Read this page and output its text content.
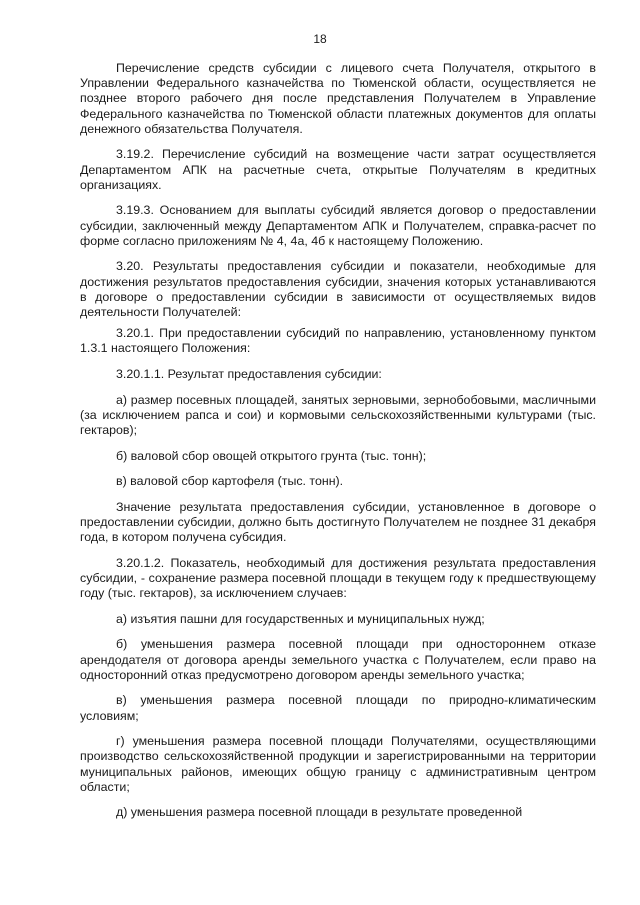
18

Перечисление средств субсидии с лицевого счета Получателя, открытого в Управлении Федерального казначейства по Тюменской области, осуществляется не позднее второго рабочего дня после представления Получателем в Управление Федерального казначейства по Тюменской области платежных документов для оплаты денежного обязательства Получателя.

3.19.2. Перечисление субсидий на возмещение части затрат осуществляется Департаментом АПК на расчетные счета, открытые Получателям в кредитных организациях.

3.19.3. Основанием для выплаты субсидий является договор о предоставлении субсидии, заключенный между Департаментом АПК и Получателем, справка-расчет по форме согласно приложениям № 4, 4а, 4б к настоящему Положению.

3.20. Результаты предоставления субсидии и показатели, необходимые для достижения результатов предоставления субсидии, значения которых устанавливаются в договоре о предоставлении субсидии в зависимости от осуществляемых видов деятельности Получателей:

3.20.1. При предоставлении субсидий по направлению, установленному пунктом 1.3.1 настоящего Положения:

3.20.1.1. Результат предоставления субсидии:

а) размер посевных площадей, занятых зерновыми, зернобобовыми, масличными (за исключением рапса и сои) и кормовыми сельскохозяйственными культурами (тыс. гектаров);

б) валовой сбор овощей открытого грунта (тыс. тонн);

в) валовой сбор картофеля (тыс. тонн).

Значение результата предоставления субсидии, установленное в договоре о предоставлении субсидии, должно быть достигнуто Получателем не позднее 31 декабря года, в котором получена субсидия.

3.20.1.2. Показатель, необходимый для достижения результата предоставления субсидии, - сохранение размера посевной площади в текущем году к предшествующему году (тыс. гектаров), за исключением случаев:

а) изъятия пашни для государственных и муниципальных нужд;

б) уменьшения размера посевной площади при одностороннем отказе арендодателя от договора аренды земельного участка с Получателем, если право на односторонний отказ предусмотрено договором аренды земельного участка;

в) уменьшения размера посевной площади по природно-климатическим условиям;

г) уменьшения размера посевной площади Получателями, осуществляющими производство сельскохозяйственной продукции и зарегистрированными на территории муниципальных районов, имеющих общую границу с административным центром области;

д) уменьшения размера посевной площади в результате проведенной
